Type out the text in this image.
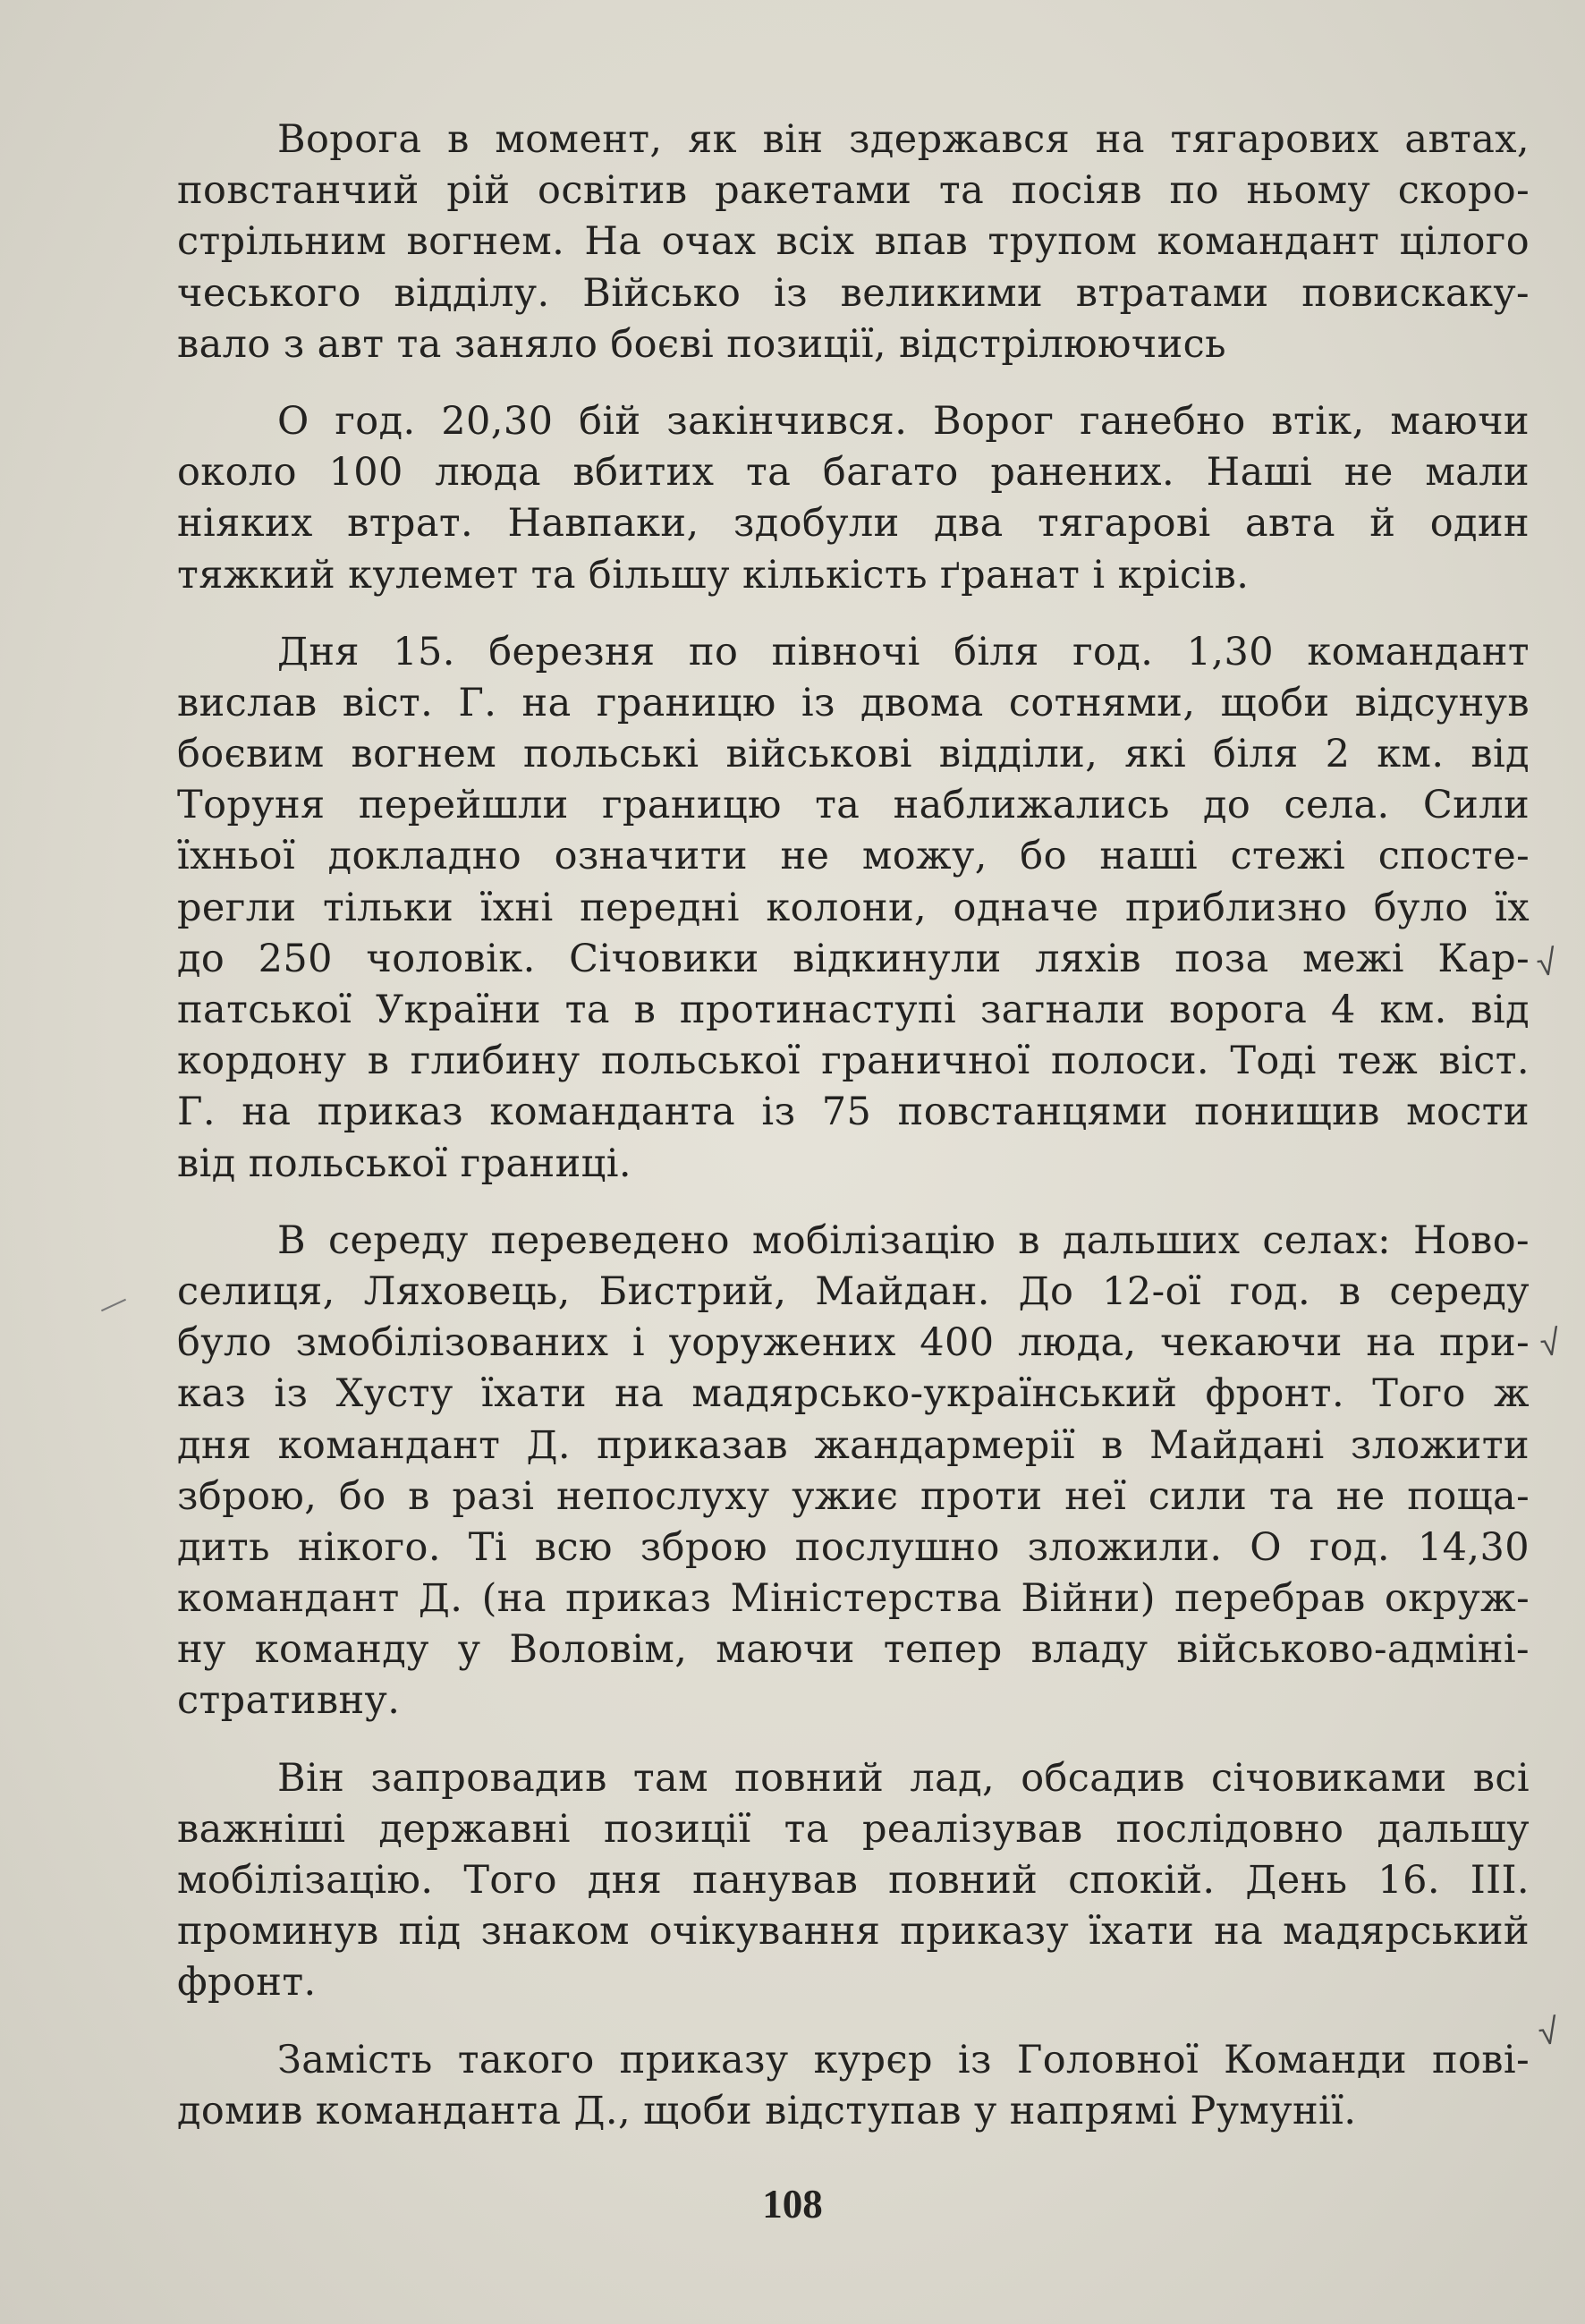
Ворога в момент, як він здержався на тягарових автах,
повстанчий рій освітив ракетами та посіяв по ньому скоро-
стрільним вогнем. На очах всіх впав трупом командант цілого
чеського відділу. Військо із великими втратами повискаку-
вало з авт та заняло боєві позиції, відстрілюючись
О год. 20,30 бій закінчився. Ворог ганебно втік, маючи
около 100 люда вбитих та багато ранених. Наші не мали
ніяких втрат. Навпаки, здобули два тягарові авта й один
тяжкий кулемет та більшу кількість ґранат і крісів.
Дня 15. березня по півночі біля год. 1,30 командант
вислав віст. Г. на границю із двома сотнями, щоби відсунув
боєвим вогнем польські військові відділи, які біля 2 км. від
Торуня перейшли границю та наближались до села. Сили
їхньої докладно означити не можу, бо наші стежі спосте-
регли тільки їхні передні колони, одначе приблизно було їх
до 250 чоловік. Січовики відкинули ляхів поза межі Кар-
патської України та в протинаступі загнали ворога 4 км. від
кордону в глибину польської граничної полоси. Тоді теж віст.
Г. на приказ команданта із 75 повстанцями понищив мости
від польської границі.
В середу переведено мобілізацію в дальших селах: Ново-
селиця, Ляховець, Бистрий, Майдан. До 12-ої год. в середу
було змобілізованих і уоружених 400 люда, чекаючи на при-
каз із Хусту їхати на мадярсько-український фронт. Того ж
дня командант Д. приказав жандармерії в Майдані зложити
зброю, бо в разі непослуху ужиє проти неї сили та не поща-
дить нікого. Ті всю зброю послушно зложили. О год. 14,30
командант Д. (на приказ Міністерства Війни) перебрав окруж-
ну команду у Воловім, маючи тепер владу військово-адміні-
стративну.
Він запровадив там повний лад, обсадив січовиками всі
важніші державні позиції та реалізував послідовно дальшу
мобілізацію. Того дня панував повний спокій. День 16. III.
проминув під знаком очікування приказу їхати на мадярський
фронт.
Замість такого приказу курєр із Головної Команди пові-
домив команданта Д., щоби відступав у напрямі Румунії.
108
√
√
√
